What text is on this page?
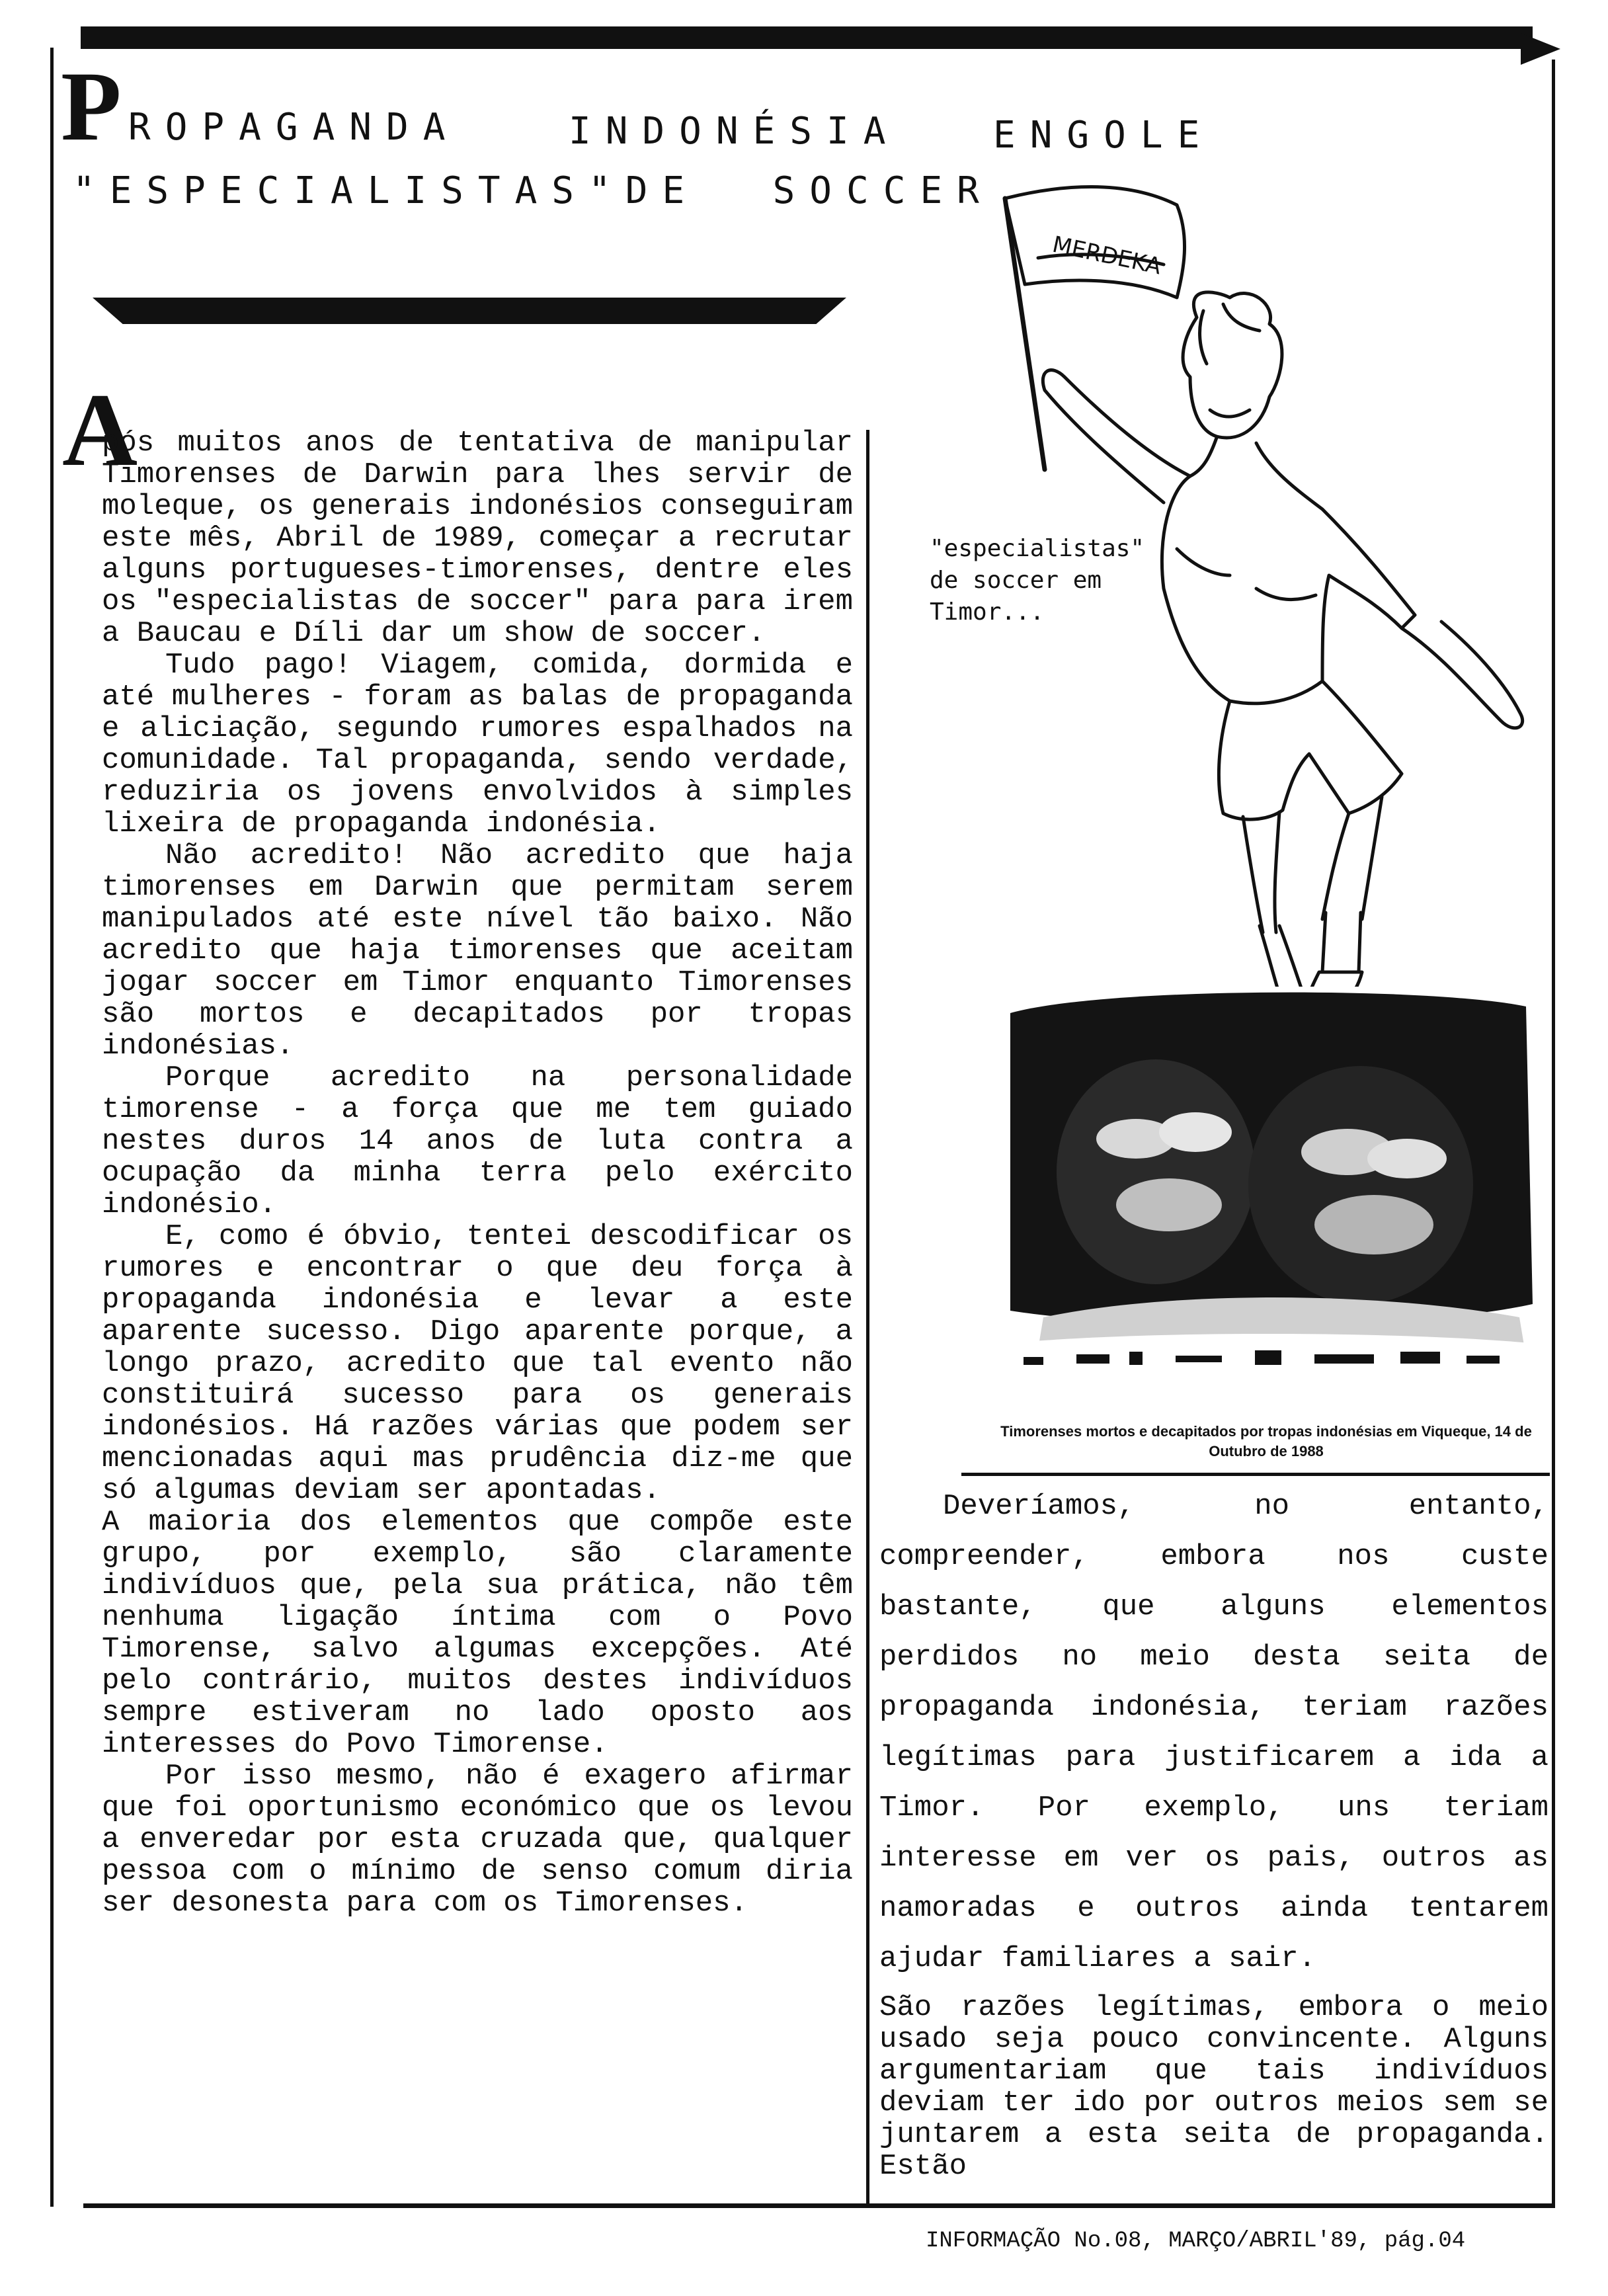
P
ROPAGANDA	INDONÉSIA	ENGOLE
"ESPECIALISTAS"DE  SOCCER
MERDEKA
"especialistas"
de soccer em
Timor...
Timorenses mortos e decapitados por tropas indonésias em Viqueque, 14 de Outubro de 1988
A

pós muitos anos de tentativa de manipular Timorenses de Darwin para lhes servir de moleque, os generais indonésios conseguiram este mês, Abril de 1989, começar a recrutar alguns portugueses-timorenses, dentre eles os "especialistas de soccer" para para irem a Baucau e Díli dar um show de soccer.

Tudo pago! Viagem, comida, dormida e até mulheres - foram as balas de propaganda e aliciação, segundo rumores espalhados na comunidade. Tal propaganda, sendo verdade, reduziria os jovens envolvidos à simples lixeira de propaganda indonésia.

Não acredito! Não acredito que haja timorenses em Darwin que permitam serem manipulados até este nível tão baixo. Não acredito que haja timorenses que aceitam jogar soccer em Timor enquanto Timorenses são mortos e decapitados por tropas indonésias.

Porque acredito na personalidade timorense - a força que me tem guiado nestes duros 14 anos de luta contra a ocupação da minha terra pelo exército indonésio.

E, como é óbvio, tentei descodificar os rumores e encontrar o que deu força à propaganda indonésia e levar a este aparente sucesso. Digo aparente porque, a longo prazo, acredito que tal evento não constituirá sucesso para os generais indonésios. Há razões várias que podem ser mencionadas aqui mas prudência diz-me que só algumas deviam ser apontadas.

A maioria dos elementos que compõe este grupo, por exemplo, são claramente indivíduos que, pela sua prática, não têm nenhuma ligação íntima com o Povo Timorense, salvo algumas excepções. Até pelo contrário, muitos destes indivíduos sempre estiveram no lado oposto aos interesses do Povo Timorense.

Por isso mesmo, não é exagero afirmar que foi oportunismo económico que os levou a enveredar por esta cruzada que, qualquer pessoa com o mínimo de senso comum diria ser desonesta para com os Timorenses.

Deveríamos, no entanto, compreender, embora nos custe bastante, que alguns elementos perdidos no meio desta seita de propaganda indonésia, teriam razões legítimas para justificarem a ida a Timor. Por exemplo, uns teriam interesse em ver os pais, outros as namoradas e outros ainda tentarem ajudar familiares a sair.

São razões legítimas, embora o meio usado seja pouco convincente. Alguns argumentariam que tais indivíduos deviam ter ido por outros meios sem se juntarem a esta seita de propaganda. Estão

INFORMAÇÃO No.08, MARÇO/ABRIL'89, pág.04
